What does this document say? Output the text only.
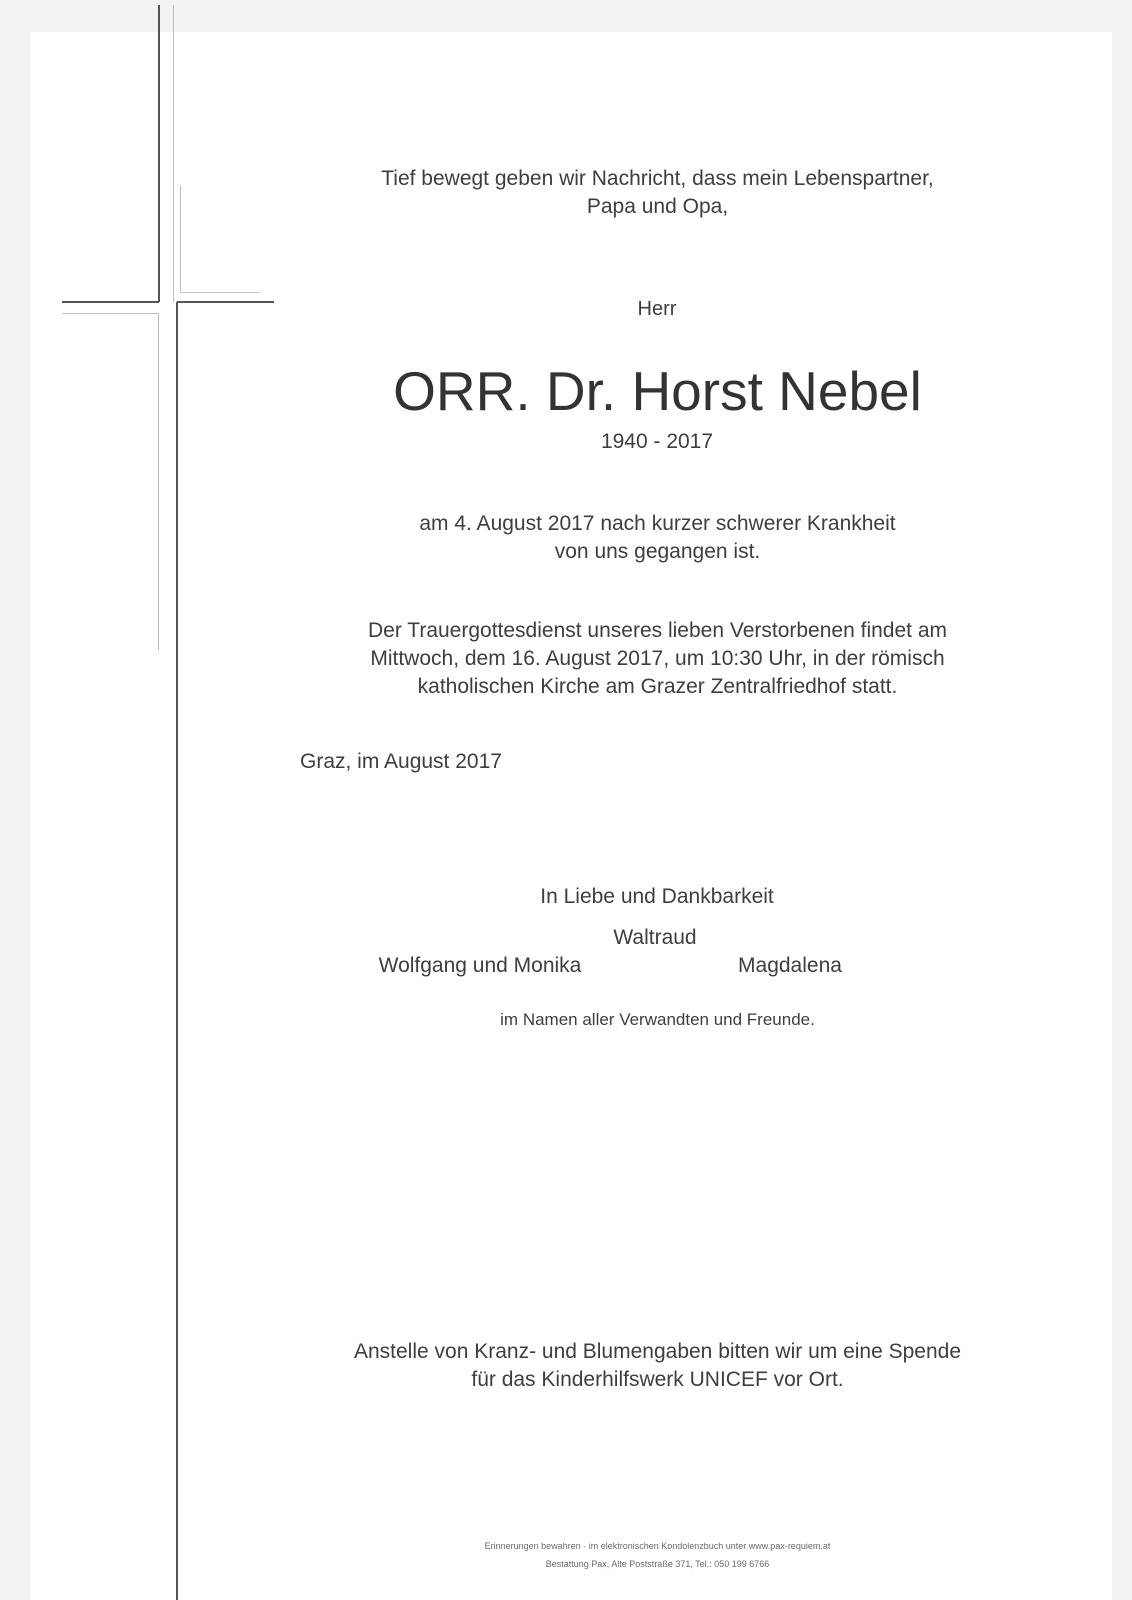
Tief bewegt geben wir Nachricht, dass mein Lebenspartner,
Papa und Opa,
Herr
ORR. Dr. Horst Nebel
1940 - 2017
am 4. August 2017 nach kurzer schwerer Krankheit
von uns gegangen ist.
Der Trauergottesdienst unseres lieben Verstorbenen findet am
Mittwoch, dem 16. August 2017, um 10:30 Uhr, in der römisch
katholischen Kirche am Grazer Zentralfriedhof statt.
Graz, im August 2017
In Liebe und Dankbarkeit
Waltraud
Wolfgang und Monika	Magdalena
im Namen aller Verwandten und Freunde.
Anstelle von Kranz- und Blumengaben bitten wir um eine Spende
für das Kinderhilfswerk UNICEF vor Ort.
Erinnerungen bewahren · im elektronischen Kondolenzbuch unter www.pax-requiem.at
Bestattung Pax, Alte Poststraße 371, Tel.: 050 199 6766
